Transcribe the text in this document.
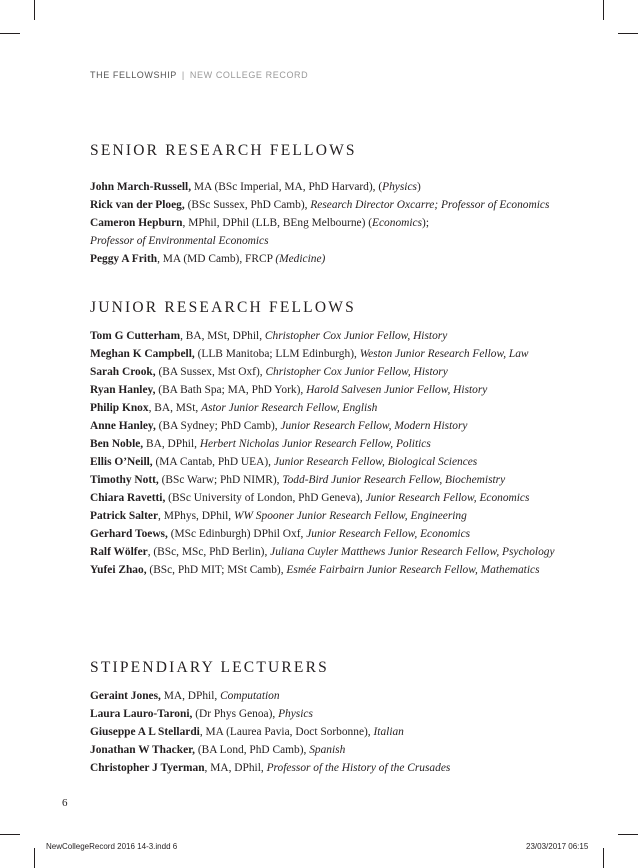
THE FELLOWSHIP | NEW COLLEGE RECORD
SENIOR RESEARCH FELLOWS

John March-Russell, MA (BSc Imperial, MA, PhD Harvard), (Physics)

Rick van der Ploeg, (BSc Sussex, PhD Camb), Research Director Oxcarre; Professor of Economics

Cameron Hepburn, MPhil, DPhil (LLB, BEng Melbourne) (Economics);
Professor of Environmental Economics

Peggy A Frith, MA (MD Camb), FRCP (Medicine)

JUNIOR RESEARCH FELLOWS

Tom G Cutterham, BA, MSt, DPhil, Christopher Cox Junior Fellow, History

Meghan K Campbell, (LLB Manitoba; LLM Edinburgh), Weston Junior Research Fellow, Law

Sarah Crook, (BA Sussex, Mst Oxf), Christopher Cox Junior Fellow, History

Ryan Hanley, (BA Bath Spa; MA, PhD York), Harold Salvesen Junior Fellow, History

Philip Knox, BA, MSt, Astor Junior Research Fellow, English

Anne Hanley, (BA Sydney; PhD Camb), Junior Research Fellow, Modern History

Ben Noble, BA, DPhil, Herbert Nicholas Junior Research Fellow, Politics

Ellis O’Neill, (MA Cantab, PhD UEA), Junior Research Fellow, Biological Sciences

Timothy Nott, (BSc Warw; PhD NIMR), Todd-Bird Junior Research Fellow, Biochemistry

Chiara Ravetti, (BSc University of London, PhD Geneva), Junior Research Fellow, Economics

Patrick Salter, MPhys, DPhil, WW Spooner Junior Research Fellow, Engineering

Gerhard Toews, (MSc Edinburgh) DPhil Oxf, Junior Research Fellow, Economics

Ralf Wölfer, (BSc, MSc, PhD Berlin), Juliana Cuyler Matthews Junior Research Fellow, Psychology

Yufei Zhao, (BSc, PhD MIT; MSt Camb), Esmée Fairbairn Junior Research Fellow, Mathematics

STIPENDIARY LECTURERS

Geraint Jones, MA, DPhil, Computation

Laura Lauro-Taroni, (Dr Phys Genoa), Physics

Giuseppe A L Stellardi, MA (Laurea Pavia, Doct Sorbonne), Italian

Jonathan W Thacker, (BA Lond, PhD Camb), Spanish

Christopher J Tyerman, MA, DPhil, Professor of the History of the Crusades

6
NewCollegeRecord 2016 14-3.indd 6	23/03/2017 06:15
